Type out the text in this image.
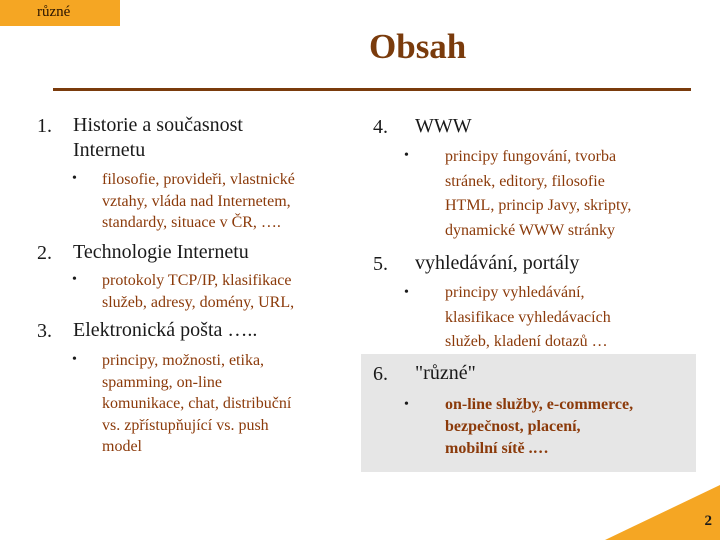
různé
Obsah
1. Historie a současnost
Internetu
• filosofie, provideři, vlastnické
vztahy, vláda nad Internetem,
standardy, situace v ČR, ….
2. Technologie Internetu
• protokoly TCP/IP, klasifikace
služeb, adresy, domény, URL,
3. Elektronická pošta …..
• principy, možnosti, etika,
spamming, on-line
komunikace, chat, distribuční
vs. zpřístupňující vs. push
model
4. WWW
• principy fungování, tvorba
stránek, editory, filosofie
HTML, princip Javy, skripty,
dynamické WWW stránky
5. vyhledávání, portály
• principy vyhledávání,
klasifikace vyhledávacích
služeb, kladení dotazů …
6. "různé"
• on-line služby, e-commerce,
bezpečnost, placení,
mobilní sítě .…
2
